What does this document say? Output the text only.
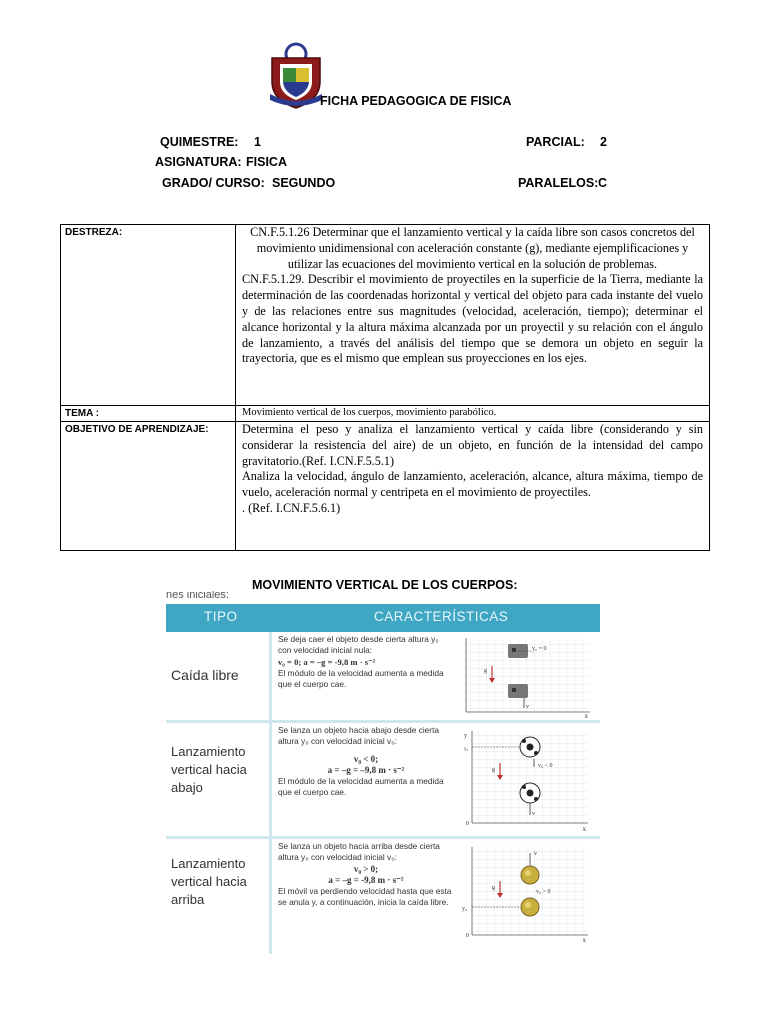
FICHA PEDAGOGICA DE FISICA
QUIMESTRE: 1	PARCIAL: 2
ASIGNATURA: FISICA
GRADO/ CURSO: SEGUNDO	PARALELOS: C
DESTREZA:	CN.F.5.1.26 Determinar que el lanzamiento vertical y la caída libre son casos concretos del movimiento unidimensional con aceleración constante (g), mediante ejemplificaciones y utilizar las ecuaciones del movimiento vertical en la solución de problemas.
CN.F.5.1.29. Describir el movimiento de proyectiles en la superficie de la Tierra, mediante la determinación de las coordenadas horizontal y vertical del objeto para cada instante del vuelo y de las relaciones entre sus magnitudes (velocidad, aceleración, tiempo); determinar el alcance horizontal y la altura máxima alcanzada por un proyectil y su relación con el ángulo de lanzamiento, a través del análisis del tiempo que se demora un objeto en seguir la trayectoria, que es el mismo que emplean sus proyecciones en los ejes.

TEMA :	Movimiento vertical de los cuerpos, movimiento parabólico.
OBJETIVO DE APRENDIZAJE:	Determina el peso y analiza el lanzamiento vertical y caída libre (considerando y sin considerar la resistencia del aire) de un objeto, en función de la intensidad del campo gravitatorio.(Ref. I.CN.F.5.5.1)
Analiza la velocidad, ángulo de lanzamiento, aceleración, alcance, altura máxima, tiempo de vuelo, aceleración normal y centripeta en el movimiento de proyectiles.
. (Ref. I.CN.F.5.6.1)
MOVIMIENTO VERTICAL DE LOS CUERPOS:
nes iniciales:
TIPO	CARACTERÍSTICAS
Caída libre
Se deja caer el objeto desde cierta altura y₀ con velocidad inicial nula:
v₀ = 0; a = –g = -9,8 m · s⁻²
El módulo de la velocidad aumenta a medida que el cuerpo cae.
x
v₀ = 0
g
v
Lanzamiento
vertical hacia
abajo
Se lanza un objeto hacia abajo desde cierta altura y₀ con velocidad inicial v₀:
v₀ < 0;
a = –g = –9,8 m · s⁻²
El módulo de la velocidad aumenta a medida que el cuerpo cae.
y
y₀
v₀ < 0
g
v
0
x
Lanzamiento
vertical hacia
arriba
Se lanza un objeto hacia arriba desde cierta altura y₀ con velocidad inicial v₀:
v₀ > 0;
a = –g = -9,8 m · s⁻²
El móvil va perdiendo velocidad hasta que esta se anula y, a continuación, inicia la caída libre.
v
v₀ > 0
g
y₀
0	x
